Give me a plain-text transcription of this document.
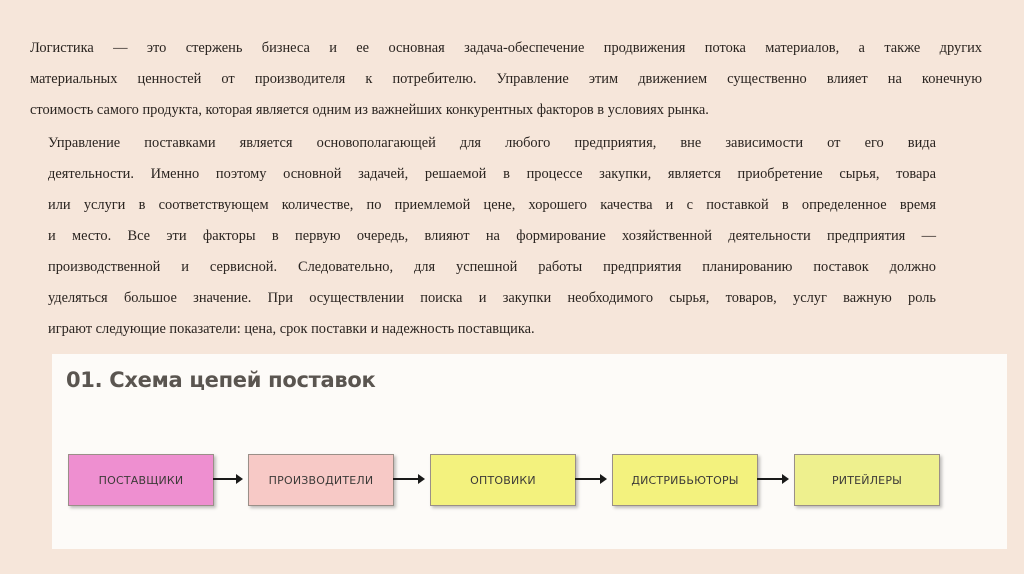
Логистика — это стержень бизнеса и ее основная задача-обеспечение продвижения потока материалов, а также других
материальных ценностей от производителя к потребителю. Управление этим движением существенно влияет на конечную
стоимость самого продукта, которая является одним из важнейших конкурентных факторов в условиях рынка.

Управление поставками является основополагающей для любого предприятия, вне зависимости от его вида
деятельности. Именно поэтому основной задачей, решаемой в процессе закупки, является приобретение сырья, товара
или услуги в соответствующем количестве, по приемлемой цене, хорошего качества и с поставкой в определенное время
и место. Все эти факторы в первую очередь, влияют на формирование хозяйственной деятельности предприятия —
производственной и сервисной. Следовательно, для успешной работы предприятия планированию поставок должно
уделяться большое значение. При осуществлении поиска и закупки необходимого сырья, товаров, услуг важную роль
играют следующие показатели: цена, срок поставки и надежность поставщика.

01. Схема цепей поставок
ПОСТАВЩИКИ	ПРОИЗВОДИТЕЛИ	ОПТОВИКИ	ДИСТРИБЬЮТОРЫ	РИТЕЙЛЕРЫ
